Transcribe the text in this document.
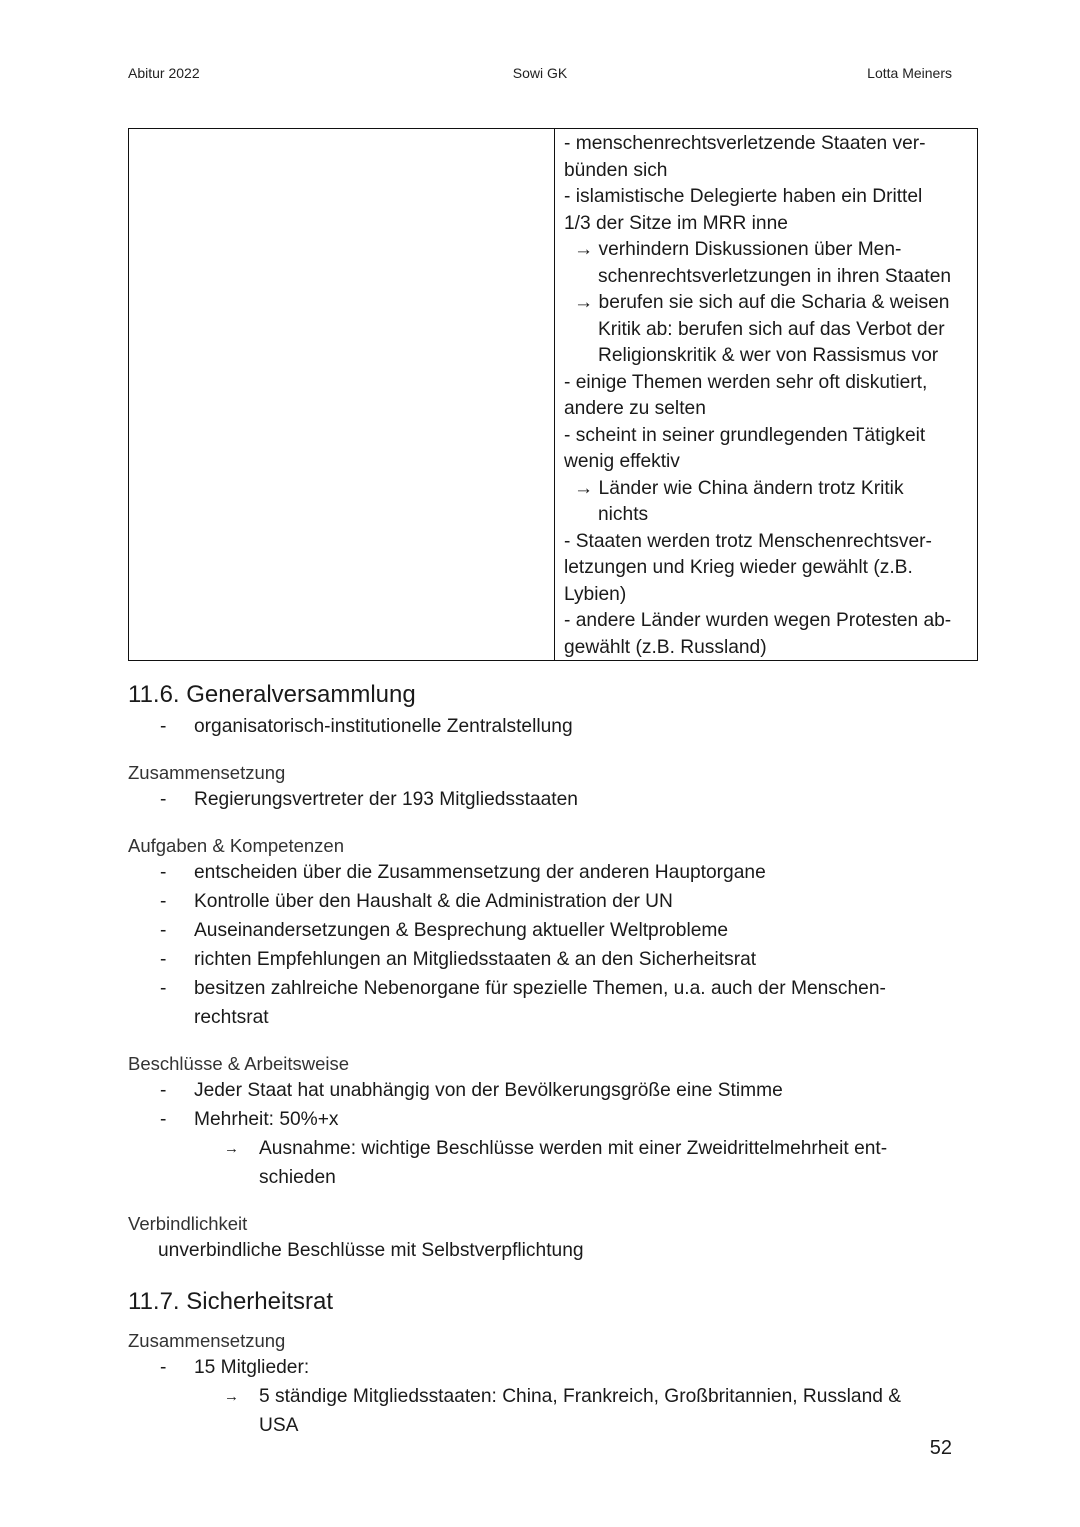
Abitur 2022	Sowi GK	Lotta Meiners
- menschenrechtsverletzende Staaten ver-
bünden sich
- islamistische Delegierte haben ein Drittel
1/3 der Sitze im MRR inne
→ verhindern Diskussionen über Men-
schenrechtsverletzungen in ihren Staaten
→ berufen sie sich auf die Scharia & weisen
Kritik ab: berufen sich auf das Verbot der
Religionskritik & wer von Rassismus vor
- einige Themen werden sehr oft diskutiert,
andere zu selten
- scheint in seiner grundlegenden Tätigkeit
wenig effektiv
→ Länder wie China ändern trotz Kritik
nichts
- Staaten werden trotz Menschenrechtsver-
letzungen und Krieg wieder gewählt (z.B.
Lybien)
- andere Länder wurden wegen Protesten ab-
gewählt (z.B. Russland)
11.6. Generalversammlung
- organisatorisch-institutionelle Zentralstellung
Zusammensetzung
- Regierungsvertreter der 193 Mitgliedsstaaten
Aufgaben & Kompetenzen
- entscheiden über die Zusammensetzung der anderen Hauptorgane
- Kontrolle über den Haushalt & die Administration der UN
- Auseinandersetzungen & Besprechung aktueller Weltprobleme
- richten Empfehlungen an Mitgliedsstaaten & an den Sicherheitsrat
- besitzen zahlreiche Nebenorgane für spezielle Themen, u.a. auch der Menschen-
rechtsrat
Beschlüsse & Arbeitsweise
- Jeder Staat hat unabhängig von der Bevölkerungsgröße eine Stimme
- Mehrheit: 50%+x
→ Ausnahme: wichtige Beschlüsse werden mit einer Zweidrittelmehrheit ent-
schieden
Verbindlichkeit
unverbindliche Beschlüsse mit Selbstverpflichtung
11.7. Sicherheitsrat
Zusammensetzung
- 15 Mitglieder:
→ 5 ständige Mitgliedsstaaten: China, Frankreich, Großbritannien, Russland &
USA
52
